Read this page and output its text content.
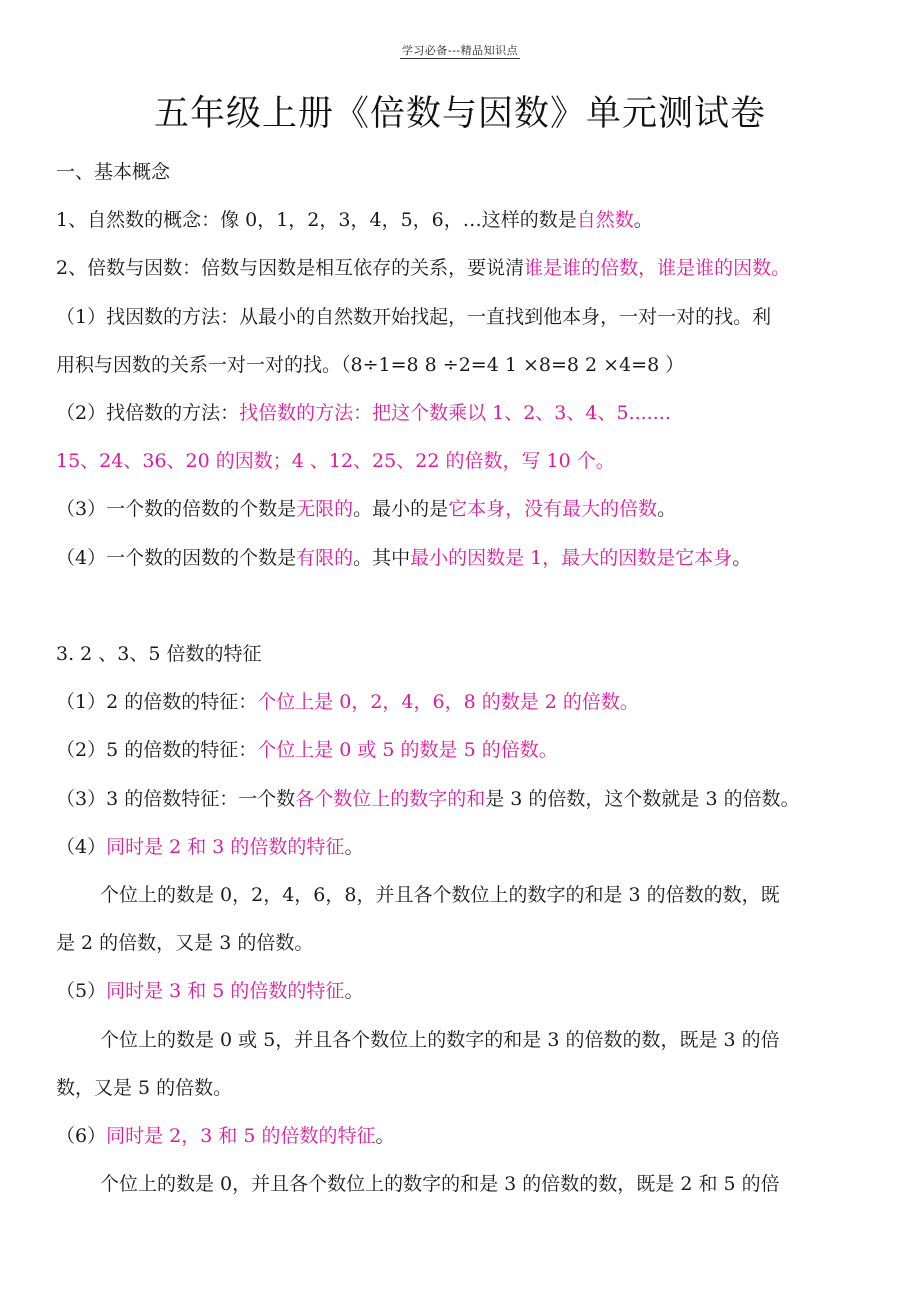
学习必备---精品知识点
五年级上册《倍数与因数》单元测试卷
一、基本概念
1、自然数的概念：像 0，1，2，3，4，5，6，…这样的数是自然数。
2、倍数与因数：倍数与因数是相互依存的关系，要说清谁是谁的倍数，谁是谁的因数。
（1）找因数的方法：从最小的自然数开始找起，一直找到他本身，一对一对的找。利
用积与因数的关系一对一对的找。（8÷1=8 8 ÷2=4 1 ×8=8 2 ×4=8 ）
（2）找倍数的方法：找倍数的方法：把这个数乘以 1、2、3、4、5.......
15、24、36、20 的因数；4 、12、25、22 的倍数，写 10 个。
（3）一个数的倍数的个数是无限的。最小的是它本身，没有最大的倍数。
（4）一个数的因数的个数是有限的。其中最小的因数是 1，最大的因数是它本身。
3. 2 、3、5 倍数的特征
（1）2 的倍数的特征：个位上是 0，2，4，6，8 的数是 2 的倍数。
（2）5 的倍数的特征：个位上是 0 或 5 的数是 5 的倍数。
（3）3 的倍数特征：一个数各个数位上的数字的和是 3 的倍数，这个数就是 3 的倍数。
（4）同时是 2 和 3 的倍数的特征。
个位上的数是 0，2，4，6，8，并且各个数位上的数字的和是 3 的倍数的数，既
是 2 的倍数，又是 3 的倍数。
（5）同时是 3 和 5 的倍数的特征。
个位上的数是 0 或 5，并且各个数位上的数字的和是 3 的倍数的数，既是 3 的倍
数，又是 5 的倍数。
（6）同时是 2，3 和 5 的倍数的特征。
个位上的数是 0，并且各个数位上的数字的和是 3 的倍数的数，既是 2 和 5 的倍
